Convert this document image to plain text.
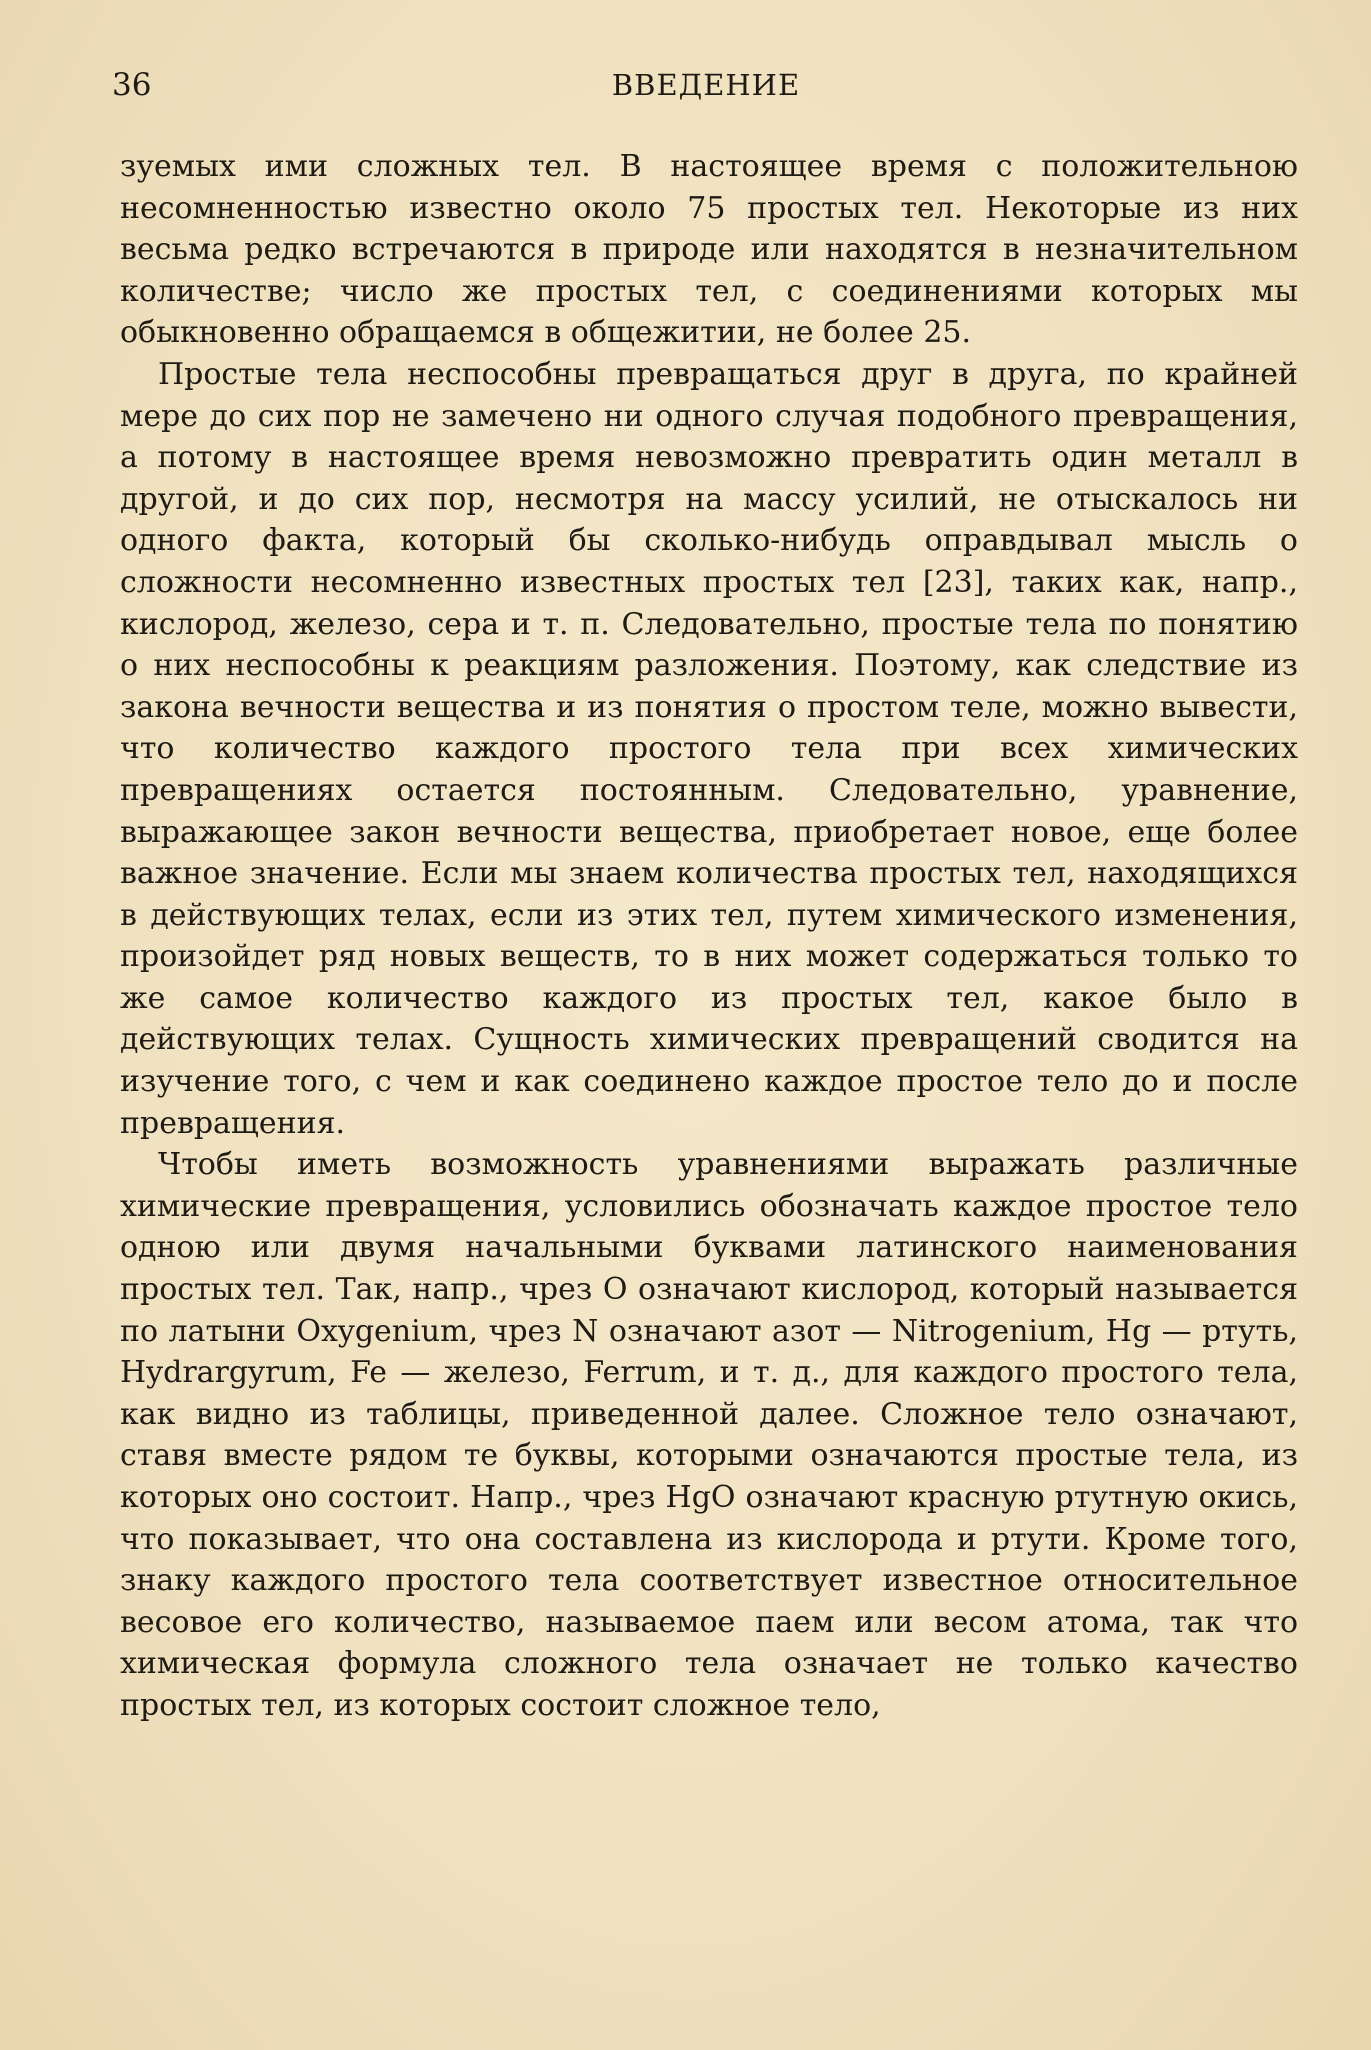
36	ВВЕДЕНИЕ

зуемых ими сложных тел. В настоящее время с положительною несомненностью известно около 75 простых тел. Некоторые из них весьма редко встречаются в природе или находятся в незначительном количестве; число же простых тел, с соединениями которых мы обыкновенно обращаемся в общежитии, не более 25.

Простые тела неспособны превращаться друг в друга, по крайней мере до сих пор не замечено ни одного случая подобного превращения, а потому в настоящее время невозможно превратить один металл в другой, и до сих пор, несмотря на массу усилий, не отыскалось ни одного факта, который бы сколько-нибудь оправдывал мысль о сложности несомненно известных простых тел [23], таких как, напр., кислород, железо, сера и т. п. Следовательно, простые тела по понятию о них неспособны к реакциям разложения. Поэтому, как следствие из закона вечности вещества и из понятия о простом теле, можно вывести, что количество каждого простого тела при всех химических превращениях остается постоянным. Следовательно, уравнение, выражающее закон вечности вещества, приобретает новое, еще более важное значение. Если мы знаем количества простых тел, находящихся в действующих телах, если из этих тел, путем химического изменения, произойдет ряд новых веществ, то в них может содержаться только то же самое количество каждого из простых тел, какое было в действующих телах. Сущность химических превращений сводится на изучение того, с чем и как соединено каждое простое тело до и после превращения.

Чтобы иметь возможность уравнениями выражать различные химические превращения, условились обозначать каждое простое тело одною или двумя начальными буквами латинского наименования простых тел. Так, напр., чрез O означают кислород, который называется по латыни Oxygenium, чрез N означают азот — Nitrogenium, Hg — ртуть, Hydrargyrum, Fe — железо, Ferrum, и т. д., для каждого простого тела, как видно из таблицы, приведенной далее. Сложное тело означают, ставя вместе рядом те буквы, которыми означаются простые тела, из которых оно состоит. Напр., чрез HgO означают красную ртутную окись, что показывает, что она составлена из кислорода и ртути. Кроме того, знаку каждого простого тела соответствует известное относительное весовое его количество, называемое паем или весом атома, так что химическая формула сложного тела означает не только качество простых тел, из которых состоит сложное тело,
